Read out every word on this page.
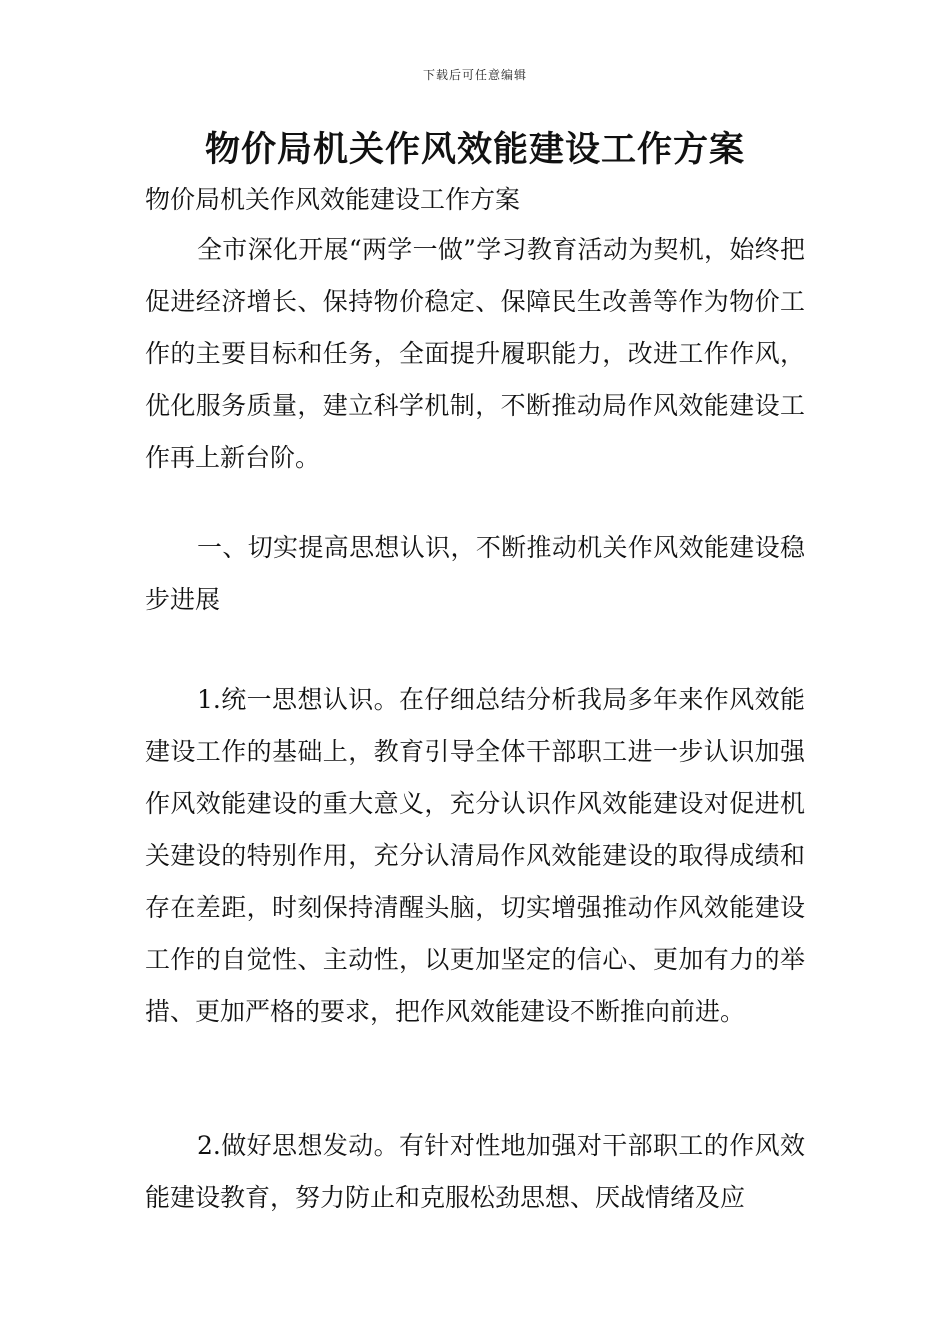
下载后可任意编辑
物价局机关作风效能建设工作方案

物价局机关作风效能建设工作方案

全市深化开展“两学一做”学习教育活动为契机，始终把促进经济增长、保持物价稳定、保障民生改善等作为物价工作的主要目标和任务，全面提升履职能力，改进工作作风，优化服务质量，建立科学机制，不断推动局作风效能建设工作再上新台阶。

一、切实提高思想认识，不断推动机关作风效能建设稳步进展

1.统一思想认识。在仔细总结分析我局多年来作风效能建设工作的基础上，教育引导全体干部职工进一步认识加强作风效能建设的重大意义，充分认识作风效能建设对促进机关建设的特别作用，充分认清局作风效能建设的取得成绩和存在差距，时刻保持清醒头脑，切实增强推动作风效能建设工作的自觉性、主动性，以更加坚定的信心、更加有力的举措、更加严格的要求，把作风效能建设不断推向前进。

2.做好思想发动。有针对性地加强对干部职工的作风效能建设教育，努力防止和克服松劲思想、厌战情绪及应
